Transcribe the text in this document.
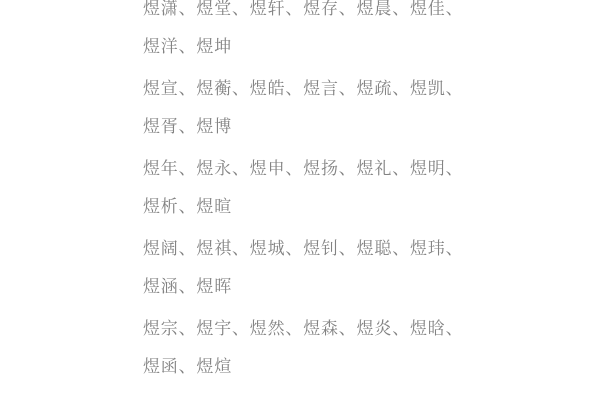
煜潇、煜堂、煜轩、煜存、煜晨、煜佳、
煜洋、煜坤
煜宣、煜蘅、煜皓、煜言、煜疏、煜凯、
煜胥、煜博
煜年、煜永、煜申、煜扬、煜礼、煜明、
煜析、煜暄
煜阔、煜祺、煜城、煜钊、煜聪、煜玮、
煜涵、煜晖
煜宗、煜宇、煜然、煜森、煜炎、煜晗、
煜函、煜煊
